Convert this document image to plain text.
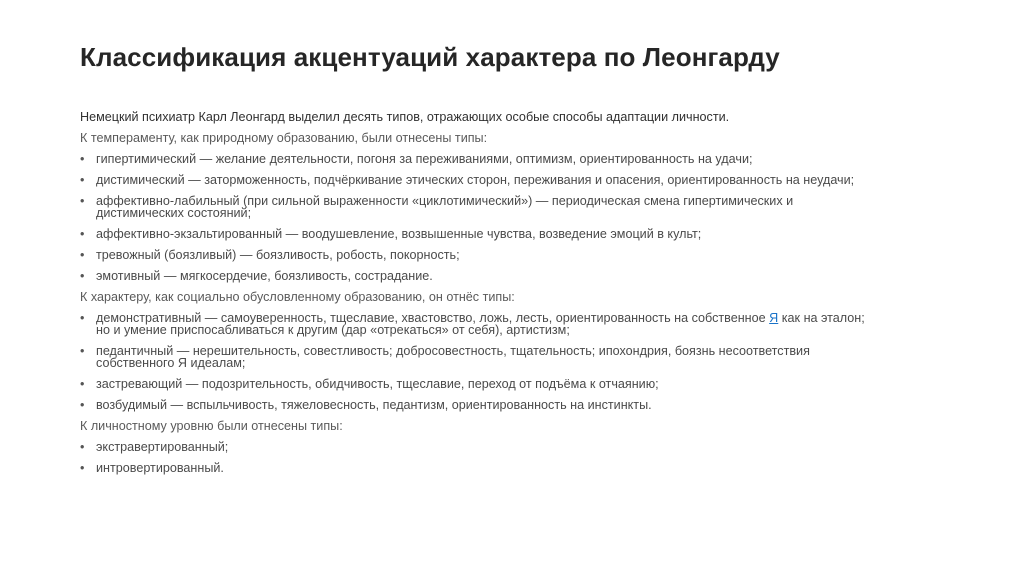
Классификация акцентуаций характера по Леонгарду
Немецкий психиатр Карл Леонгард выделил десять типов, отражающих особые способы адаптации личности.
К темпераменту, как природному образованию, были отнесены типы:
• гипертимический — желание деятельности, погоня за переживаниями, оптимизм, ориентированность на удачи;
• дистимический — заторможенность, подчёркивание этических сторон, переживания и опасения, ориентированность на неудачи;
• аффективно-лабильный (при сильной выраженности «циклотимический») — периодическая смена гипертимических и
дистимических состояний;
• аффективно-экзальтированный — воодушевление, возвышенные чувства, возведение эмоций в культ;
• тревожный (боязливый) — боязливость, робость, покорность;
• эмотивный — мягкосердечие, боязливость, сострадание.
К характеру, как социально обусловленному образованию, он отнёс типы:
• демонстративный — самоуверенность, тщеславие, хвастовство, ложь, лесть, ориентированность на собственное Я как на эталон;
но и умение приспосабливаться к другим (дар «отрекаться» от себя), артистизм;
• педантичный — нерешительность, совестливость; добросовестность, тщательность; ипохондрия, боязнь несоответствия
собственного Я идеалам;
• застревающий — подозрительность, обидчивость, тщеславие, переход от подъёма к отчаянию;
• возбудимый — вспыльчивость, тяжеловесность, педантизм, ориентированность на инстинкты.
К личностному уровню были отнесены типы:
• экстравертированный;
• интровертированный.
